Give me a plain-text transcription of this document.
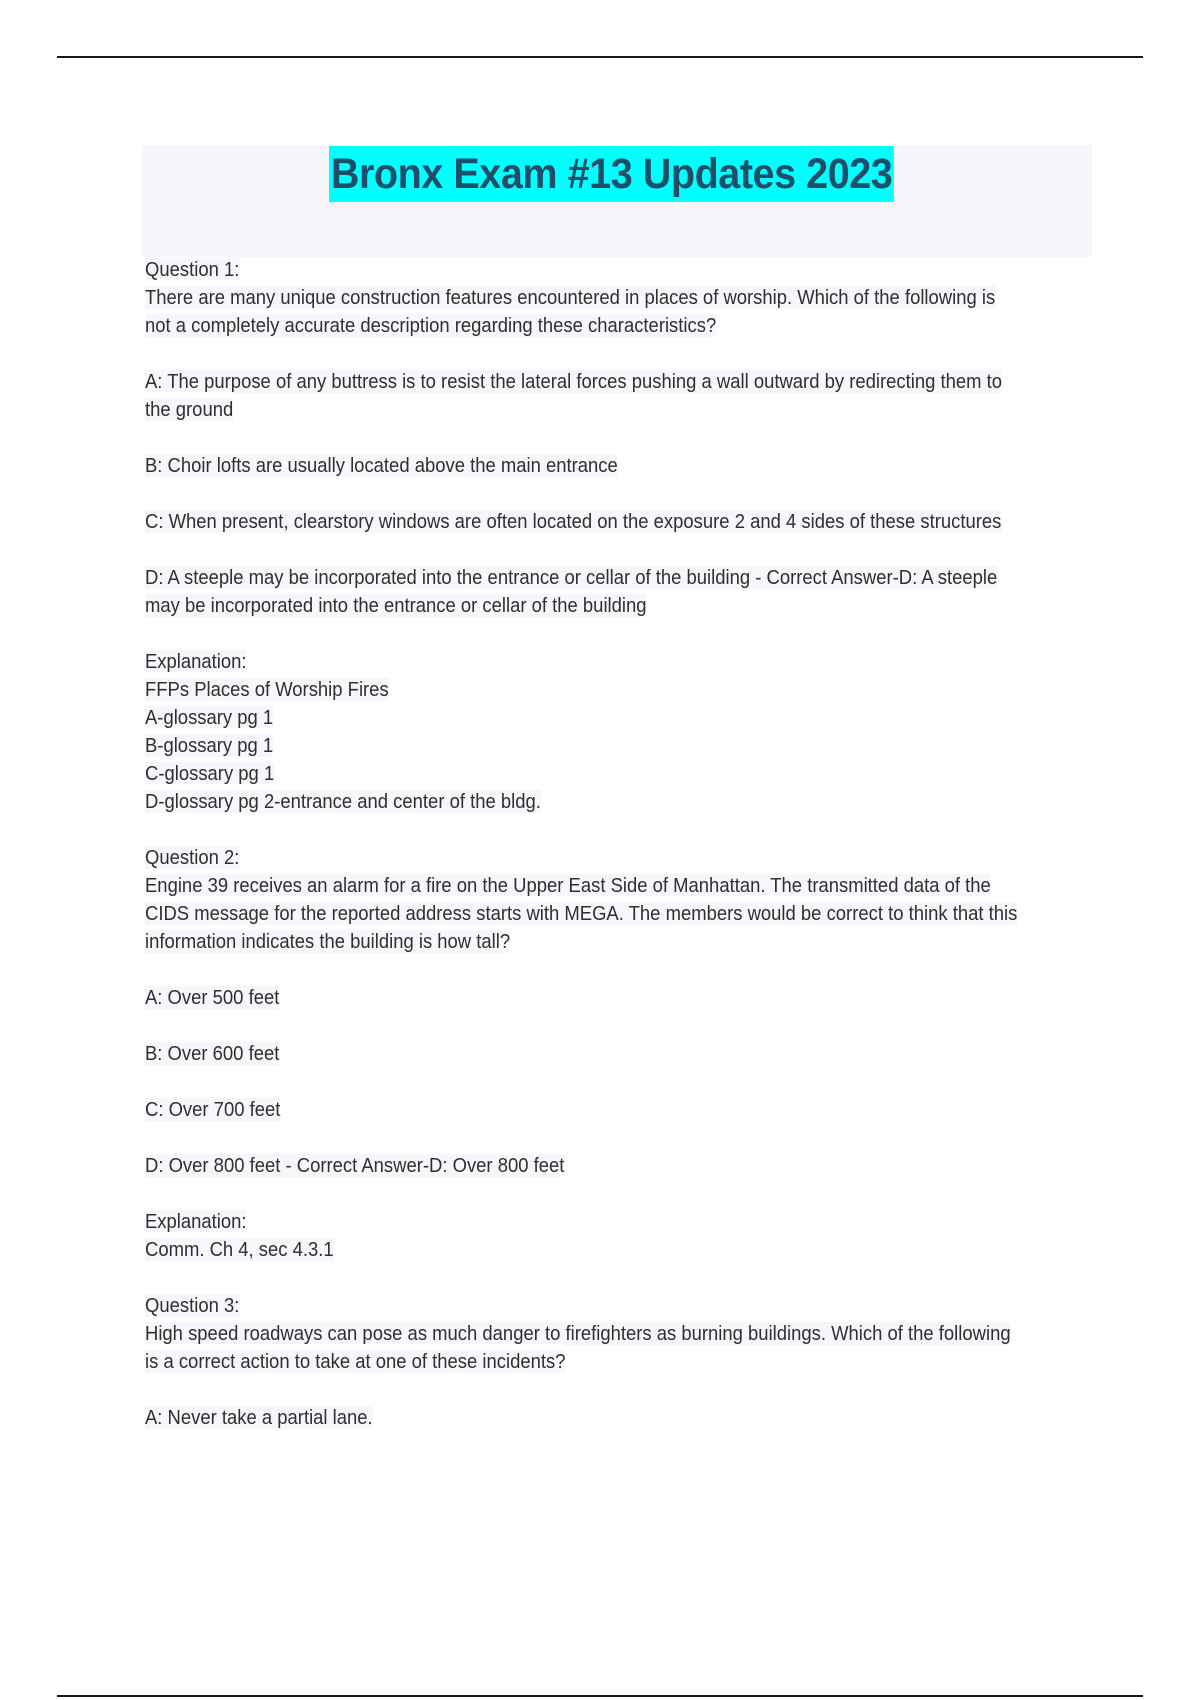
Bronx Exam #13 Updates 2023
Question 1:
There are many unique construction features encountered in places of worship. Which of the following is
not a completely accurate description regarding these characteristics?
A: The purpose of any buttress is to resist the lateral forces pushing a wall outward by redirecting them to
the ground
B: Choir lofts are usually located above the main entrance
C: When present, clearstory windows are often located on the exposure 2 and 4 sides of these structures
D: A steeple may be incorporated into the entrance or cellar of the building - Correct Answer-D: A steeple
may be incorporated into the entrance or cellar of the building
Explanation:
FFPs Places of Worship Fires
A-glossary pg 1
B-glossary pg 1
C-glossary pg 1
D-glossary pg 2-entrance and center of the bldg.
Question 2:
Engine 39 receives an alarm for a fire on the Upper East Side of Manhattan. The transmitted data of the
CIDS message for the reported address starts with MEGA. The members would be correct to think that this
information indicates the building is how tall?
A: Over 500 feet
B: Over 600 feet
C: Over 700 feet
D: Over 800 feet - Correct Answer-D: Over 800 feet
Explanation:
Comm. Ch 4, sec 4.3.1
Question 3:
High speed roadways can pose as much danger to firefighters as burning buildings. Which of the following
is a correct action to take at one of these incidents?
A: Never take a partial lane.
